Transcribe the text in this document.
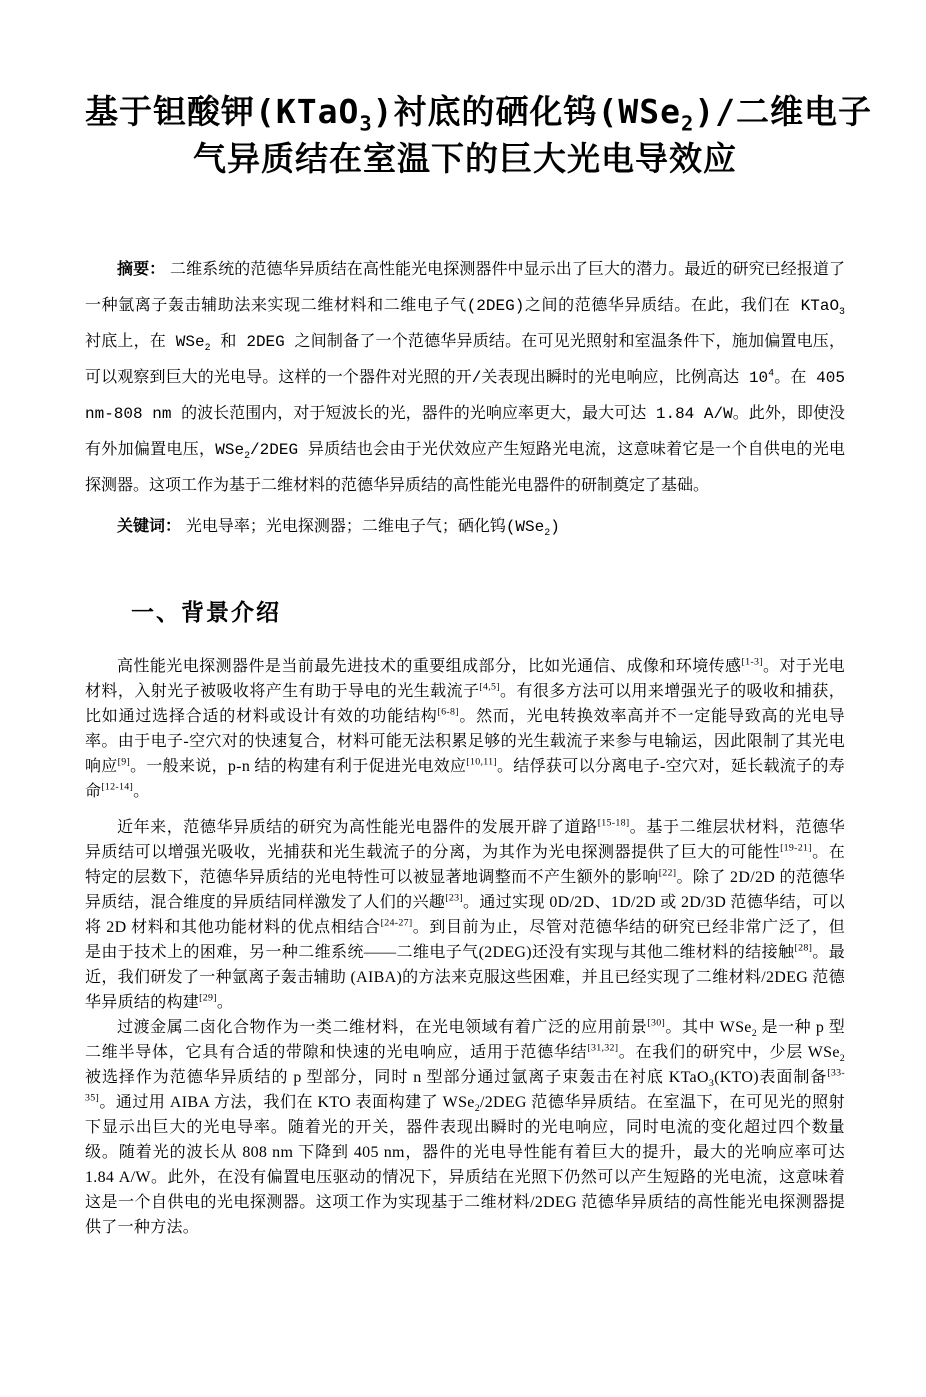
基于钽酸钾(KTaO$_3$)衬底的硒化钨(WSe$_2$)/二维电子
气异质结在室温下的巨大光电导效应

摘要： 二维系统的范德华异质结在高性能光电探测器件中显示出了巨大的潜力。最近的研究已经报道了一种氩离子轰击辅助法来实现二维材料和二维电子气(2DEG)之间的范德华异质结。在此，我们在 KTaO$_3$ 衬底上，在 WSe$_2$ 和 2DEG 之间制备了一个范德华异质结。在可见光照射和室温条件下，施加偏置电压，可以观察到巨大的光电导。这样的一个器件对光照的开/关表现出瞬时的光电响应，比例高达 $10^4$。在 405 nm-808 nm 的波长范围内，对于短波长的光，器件的光响应率更大，最大可达 1.84 A/W。此外，即使没有外加偏置电压，WSe$_2$/2DEG 异质结也会由于光伏效应产生短路光电流，这意味着它是一个自供电的光电探测器。这项工作为基于二维材料的范德华异质结的高性能光电器件的研制奠定了基础。

关键词： 光电导率；光电探测器；二维电子气；硒化钨(WSe$_2$)

一、背景介绍

高性能光电探测器件是当前最先进技术的重要组成部分，比如光通信、成像和环境传感[1-3]。对于光电材料，入射光子被吸收将产生有助于导电的光生载流子[4,5]。有很多方法可以用来增强光子的吸收和捕获，比如通过选择合适的材料或设计有效的功能结构[6-8]。然而，光电转换效率高并不一定能导致高的光电导率。由于电子-空穴对的快速复合，材料可能无法积累足够的光生载流子来参与电输运，因此限制了其光电响应[9]。一般来说，p-n 结的构建有利于促进光电效应[10,11]。结俘获可以分离电子-空穴对，延长载流子的寿命[12-14]。

近年来，范德华异质结的研究为高性能光电器件的发展开辟了道路[15-18]。基于二维层状材料，范德华异质结可以增强光吸收，光捕获和光生载流子的分离，为其作为光电探测器提供了巨大的可能性[19-21]。在特定的层数下，范德华异质结的光电特性可以被显著地调整而不产生额外的影响[22]。除了 2D/2D 的范德华异质结，混合维度的异质结同样激发了人们的兴趣[23]。通过实现 0D/2D、1D/2D 或 2D/3D 范德华结，可以将 2D 材料和其他功能材料的优点相结合[24-27]。到目前为止，尽管对范德华结的研究已经非常广泛了，但是由于技术上的困难，另一种二维系统——二维电子气(2DEG)还没有实现与其他二维材料的结接触[28]。最近，我们研发了一种氩离子轰击辅助 (AIBA)的方法来克服这些困难，并且已经实现了二维材料/2DEG 范德华异质结的构建[29]。

过渡金属二卤化合物作为一类二维材料，在光电领域有着广泛的应用前景[30]。其中 WSe$_2$ 是一种 p 型二维半导体，它具有合适的带隙和快速的光电响应，适用于范德华结[31,32]。在我们的研究中，少层 WSe$_2$ 被选择作为范德华异质结的 p 型部分，同时 n 型部分通过氩离子束轰击在衬底 KTaO$_3$(KTO)表面制备[33-35]。通过用 AIBA 方法，我们在 KTO 表面构建了 WSe$_2$/2DEG 范德华异质结。在室温下，在可见光的照射下显示出巨大的光电导率。随着光的开关，器件表现出瞬时的光电响应，同时电流的变化超过四个数量级。随着光的波长从 808 nm 下降到 405 nm，器件的光电导性能有着巨大的提升，最大的光响应率可达 1.84 A/W。此外，在没有偏置电压驱动的情况下，异质结在光照下仍然可以产生短路的光电流，这意味着这是一个自供电的光电探测器。这项工作为实现基于二维材料/2DEG 范德华异质结的高性能光电探测器提供了一种方法。
